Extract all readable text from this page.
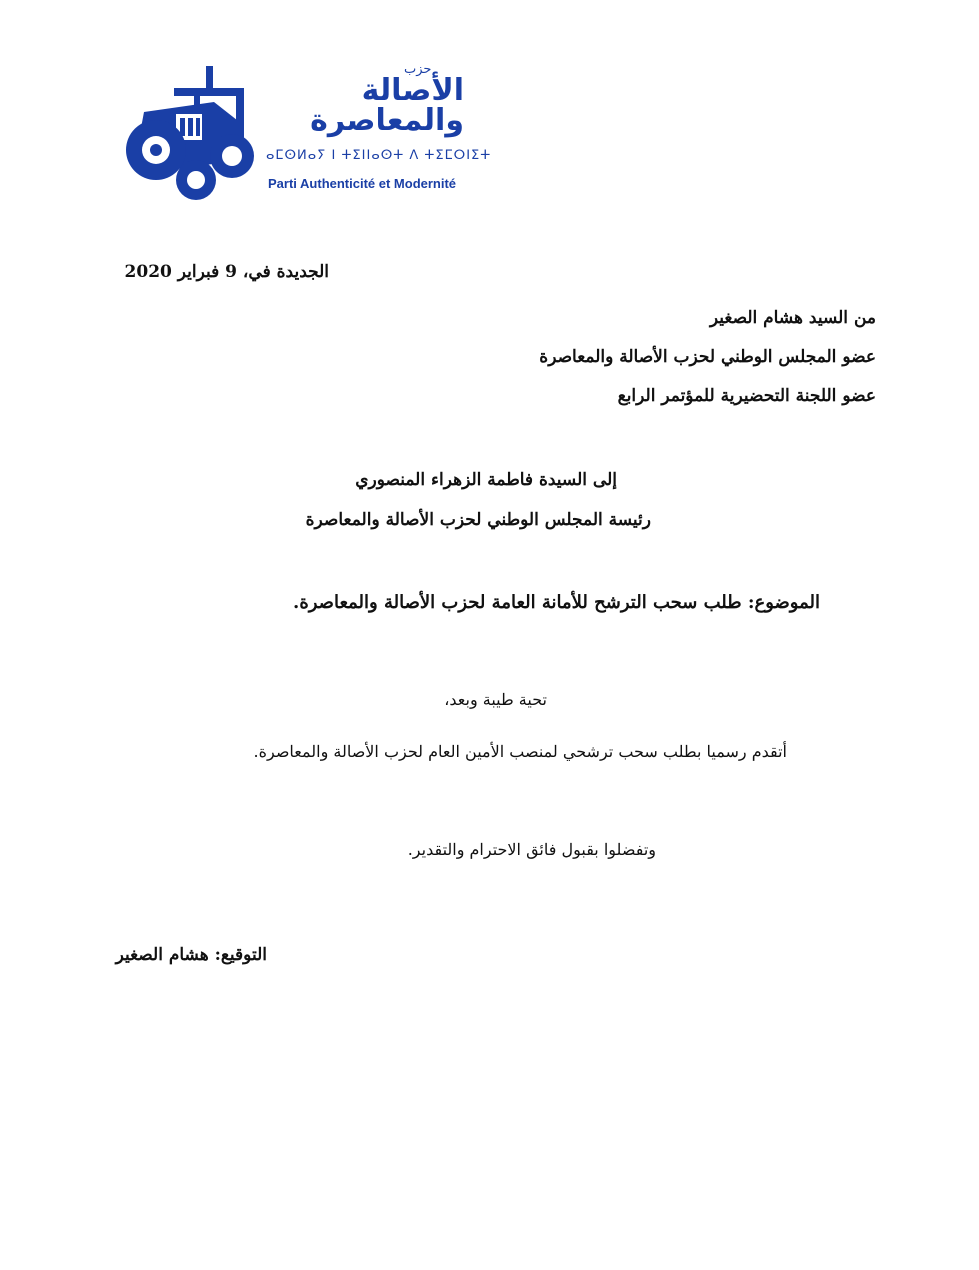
حزب
الأصالة والمعاصرة
ⴰⵎⵙⵍⴰⵢ ⵏ ⵜⵉⵏⵏⴰⵙⵜ ⴷ ⵜⵉⵎⵔⵏⵉⵜ
Parti Authenticité et Modernité
الجديدة في، 9 فبراير 2020
من السيد هشام الصغير
عضو المجلس الوطني لحزب الأصالة والمعاصرة
عضو اللجنة التحضيرية للمؤتمر الرابع
إلى السيدة فاطمة الزهراء المنصوري
رئيسة المجلس الوطني لحزب الأصالة والمعاصرة
الموضوع: طلب سحب الترشح للأمانة العامة لحزب الأصالة والمعاصرة.
تحية طيبة وبعد،
أتقدم رسميا بطلب سحب ترشحي لمنصب الأمين العام لحزب الأصالة والمعاصرة.
وتفضلوا بقبول فائق الاحترام والتقدير.
التوقيع: هشام الصغير
